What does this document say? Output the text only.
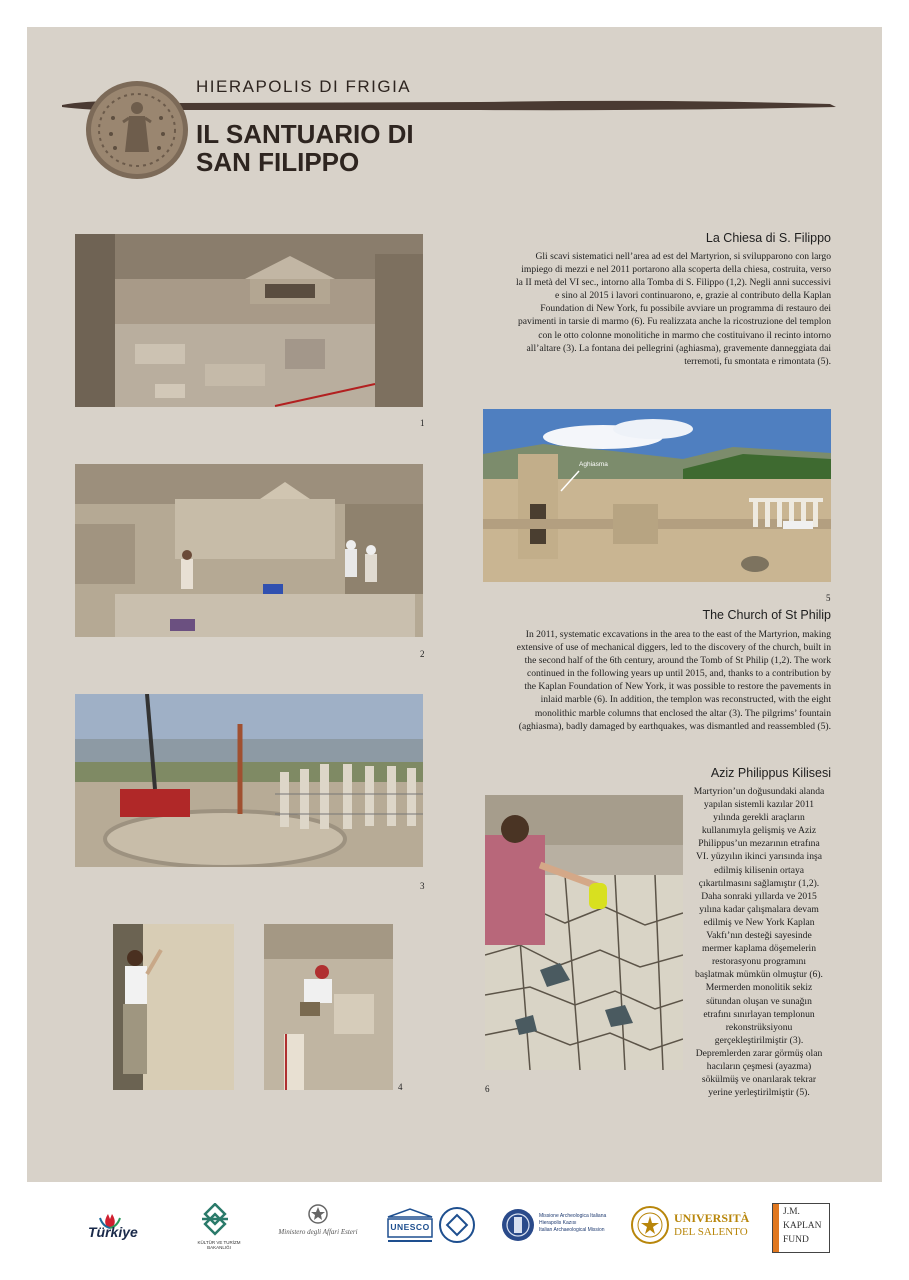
HIERAPOLIS DI FRIGIA
IL SANTUARIO DI
SAN FILIPPO
1
2
3
4
La Chiesa di S. Filippo
Gli scavi sistematici nell’area ad est del Martyrion, si svilupparono con largo
impiego di mezzi e nel 2011 portarono alla scoperta della chiesa, costruita, verso
la II metà del VI sec., intorno alla Tomba di S. Filippo (1,2). Negli anni successivi
e sino al 2015 i lavori continuarono, e, grazie al contributo della Kaplan
Foundation di New York, fu possibile avviare un programma di restauro dei
pavimenti in tarsie di marmo (6). Fu realizzata anche la ricostruzione del templon
con le otto colonne monolitiche in marmo che costituivano il recinto intorno
all’altare (3). La fontana dei pellegrini (aghiasma), gravemente danneggiata dai
terremoti, fu smontata e rimontata (5).
Aghiasma
5
The Church of St Philip
In 2011, systematic excavations in the area to the east of the Martyrion, making
extensive of use of mechanical diggers, led to the discovery of the church, built in
the second half of the 6th century, around the Tomb of St Philip (1,2). The work
continued in the following years up until 2015, and, thanks to a contribution by
the Kaplan Foundation of New York, it was possible to restore the pavements in
inlaid marble (6). In addition, the templon was reconstructed, with the eight
monolithic marble columns that enclosed the altar (3). The pilgrims’ fountain
(aghiasma), badly damaged by earthquakes, was dismantled and reassembled (5).
Aziz Philippus Kilisesi
Martyrion’un doğusundaki alanda
yapılan sistemli kazılar 2011
yılında gerekli araçların
kullanımıyla gelişmiş ve Aziz
Philippus’un mezarının etrafına
VI. yüzyılın ikinci yarısında inşa
edilmiş kilisenin ortaya
çıkartılmasını sağlamıştır (1,2).
Daha sonraki yıllarda ve 2015
yılına kadar çalışmalara devam
edilmiş ve New York Kaplan
Vakfı’nın desteği sayesinde
mermer kaplama döşemelerin
restorasyonu programını
başlatmak mümkün olmuştur (6).
Mermerden monolitik sekiz
sütundan oluşan ve sunağın
etrafını sınırlayan templonun
rekonstrüksiyonu
gerçekleştirilmiştir (3).
Depremlerden zarar görmüş olan
hacıların çeşmesi (ayazma)
sökülmüş ve onarılarak tekrar
yerine yerleştirilmiştir (5).
6
Türkiye
KÜLTÜR VE TURİZM BAKANLIĞI
Ministero degli Affari Esteri	UNESCO
Missione Archeologica Italiana
Hierapolis Kazısı
Italian Archaeological Mission
UNIVERSITÀ
DEL SALENTO
J.M.
KAPLAN
FUND
